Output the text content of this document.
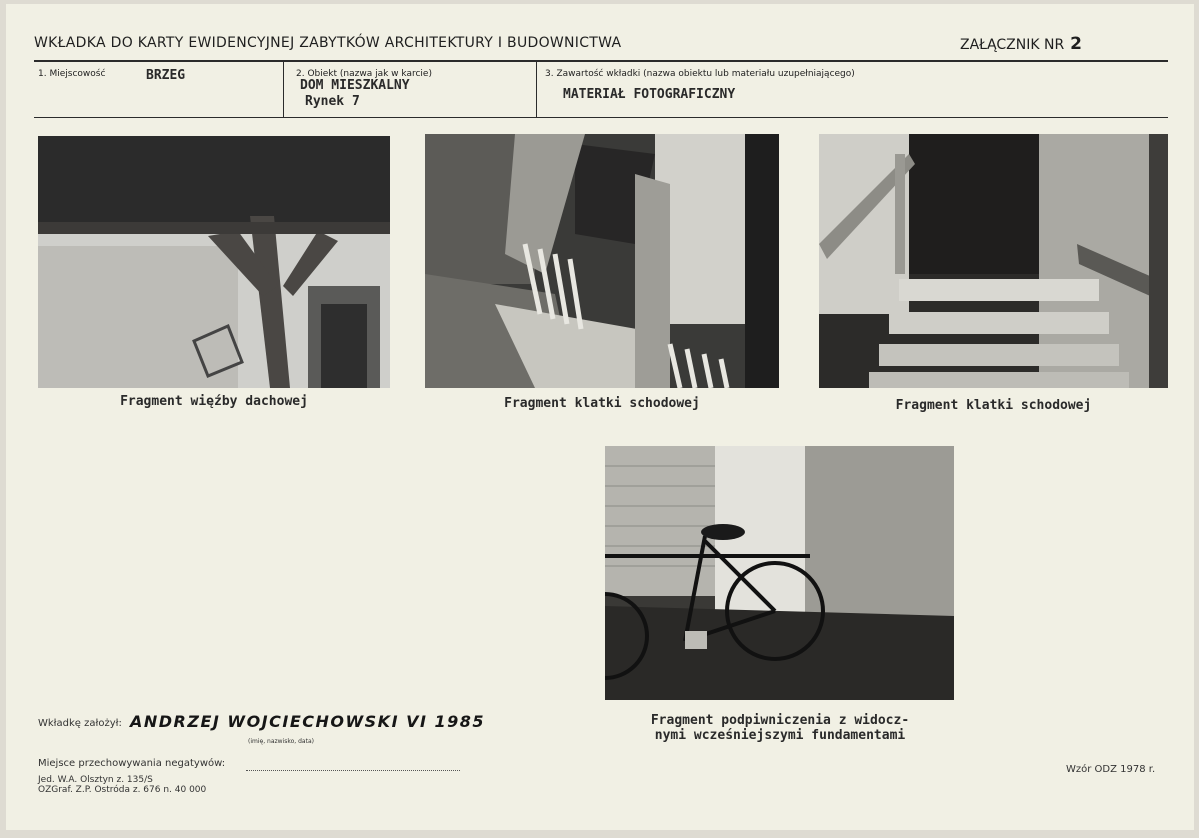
WKŁADKA DO KARTY EWIDENCYJNEJ ZABYTKÓW ARCHITEKTURY I BUDOWNICTWA	ZAŁĄCZNIK NR 2
1. Miejscowość	BRZEG	2. Obiekt (nazwa jak w karcie)
DOM MIESZKALNY
Rynek 7
3. Zawartość wkładki (nazwa obiektu lub materiału uzupełniającego)
MATERIAŁ FOTOGRAFICZNY
Fragment więźby dachowej	Fragment klatki schodowej	Fragment klatki schodowej
Fragment podpiwniczenia z widocz-
nymi wcześniejszymi fundamentami
Wkładkę założył: ANDRZEJ WOJCIECHOWSKI VI 1985
(imię, nazwisko, data)
Miejsce przechowywania negatywów:
Jed. W.A. Olsztyn z. 135/S
OZGraf. Z.P. Ostróda z. 676 n. 40 000
Wzór ODZ 1978 r.
